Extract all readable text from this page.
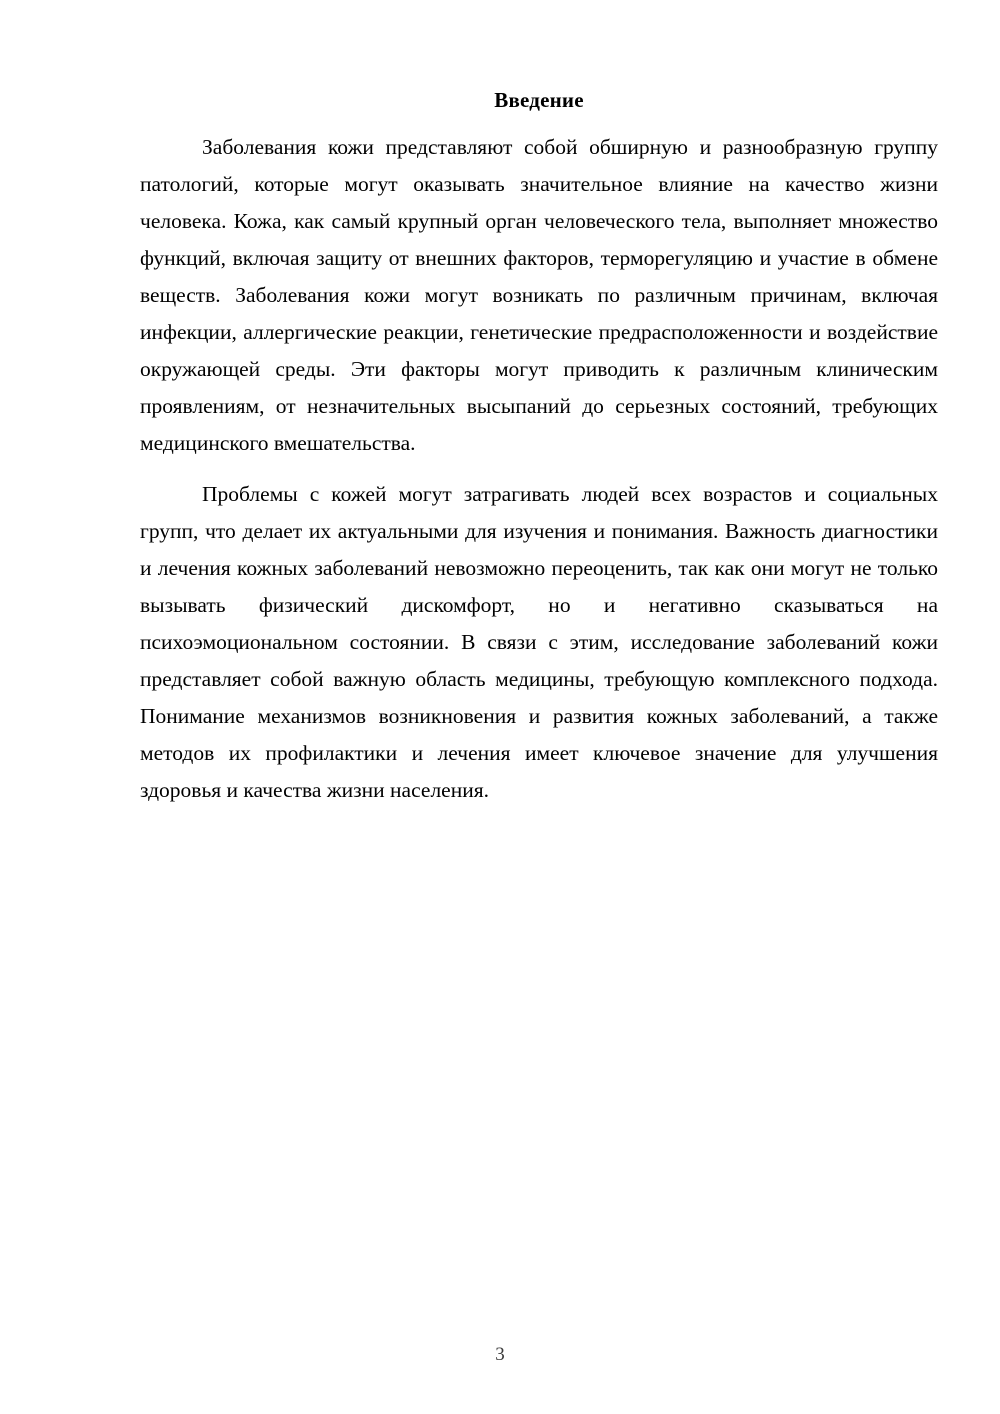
Введение

Заболевания кожи представляют собой обширную и разнообразную группу патологий, которые могут оказывать значительное влияние на качество жизни человека. Кожа, как самый крупный орган человеческого тела, выполняет множество функций, включая защиту от внешних факторов, терморегуляцию и участие в обмене веществ. Заболевания кожи могут возникать по различным причинам, включая инфекции, аллергические реакции, генетические предрасположенности и воздействие окружающей среды. Эти факторы могут приводить к различным клиническим проявлениям, от незначительных высыпаний до серьезных состояний, требующих медицинского вмешательства.

Проблемы с кожей могут затрагивать людей всех возрастов и социальных групп, что делает их актуальными для изучения и понимания. Важность диагностики и лечения кожных заболеваний невозможно переоценить, так как они могут не только вызывать физический дискомфорт, но и негативно сказываться на психоэмоциональном состоянии. В связи с этим, исследование заболеваний кожи представляет собой важную область медицины, требующую комплексного подхода. Понимание механизмов возникновения и развития кожных заболеваний, а также методов их профилактики и лечения имеет ключевое значение для улучшения здоровья и качества жизни населения.

3
